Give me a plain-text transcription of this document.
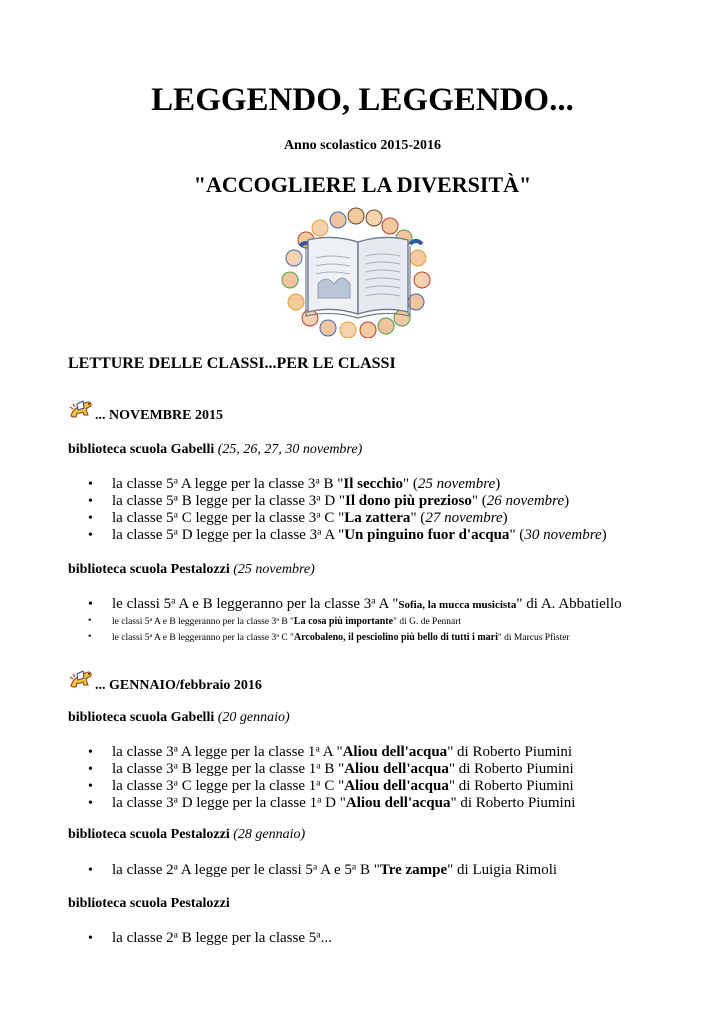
LEGGENDO, LEGGENDO...
Anno scolastico 2015-2016
"ACCOGLIERE LA DIVERSITÀ"
LETTURE DELLE CLASSI...PER LE CLASSI
... NOVEMBRE 2015
biblioteca scuola Gabelli (25, 26, 27, 30 novembre)
• la classe 5$^a$ A legge per la classe 3$^a$ B "Il secchio" (25 novembre)
• la classe 5$^a$ B legge per la classe 3$^a$ D "Il dono più prezioso" (26 novembre)
• la classe 5$^a$ C legge per la classe 3$^a$ C "La zattera" (27 novembre)
• la classe 5$^a$ D legge per la classe 3$^a$ A "Un pinguino fuor d'acqua" (30 novembre)
biblioteca scuola Pestalozzi (25 novembre)
• le classi 5$^a$ A e B leggeranno per la classe 3$^a$ A "Sofia, la mucca musicista" di A. Abbatiello
• le classi 5$^a$ A e B leggeranno per la classe 3$^a$ B "La cosa più importante" di G. de Pennart
• le classi 5$^a$ A e B leggeranno per la classe 3$^a$ C "Arcobaleno, il pesciolino più bello di tutti i mari" di Marcus Pfister
... GENNAIO/febbraio 2016
biblioteca scuola Gabelli (20 gennaio)
• la classe 3$^a$ A legge per la classe 1$^a$ A "Aliou dell'acqua" di Roberto Piumini
• la classe 3$^a$ B legge per la classe 1$^a$ B "Aliou dell'acqua" di Roberto Piumini
• la classe 3$^a$ C legge per la classe 1$^a$ C "Aliou dell'acqua" di Roberto Piumini
• la classe 3$^a$ D legge per la classe 1$^a$ D "Aliou dell'acqua" di Roberto Piumini
biblioteca scuola Pestalozzi (28 gennaio)
• la classe 2$^a$ A legge per le classi 5$^a$ A e 5$^a$ B "Tre zampe" di Luigia Rimoli
biblioteca scuola Pestalozzi
• la classe 2$^a$ B legge per la classe 5$^a$...
